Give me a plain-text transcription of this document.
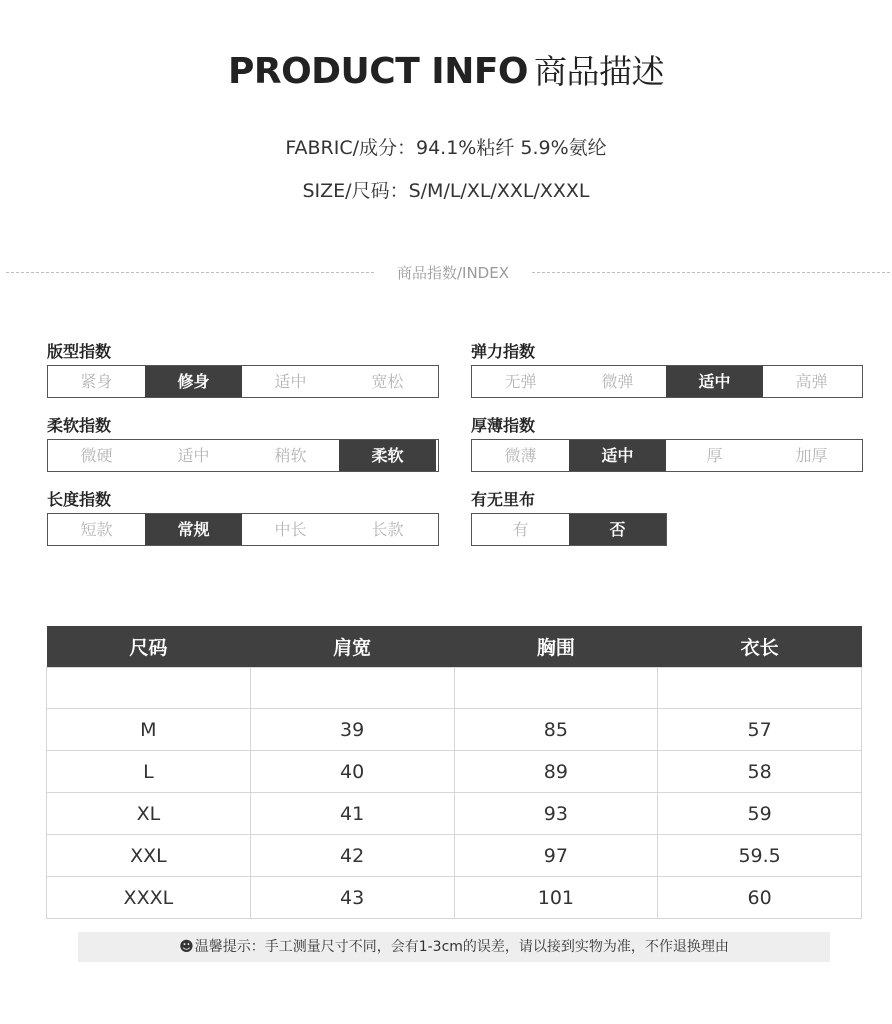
PRODUCT INFO 商品描述
FABRIC/成分：94.1%粘纤 5.9%氨纶
SIZE/尺码：S/M/L/XL/XXL/XXXL
商品指数/INDEX
版型指数
紧身	修身	适中	宽松
弹力指数
无弹	微弹	适中	高弹
柔软指数
微硬	适中	稍软	柔软
厚薄指数
微薄	适中	厚	加厚
长度指数
短款	常规	中长	长款
有无里布
有	否
尺码	肩宽	胸围	衣长

M	39	85	57
L	40	89	58
XL	41	93	59
XXL	42	97	59.5
XXXL	43	101	60
☻温馨提示：手工测量尺寸不同，会有1-3cm的误差，请以接到实物为准，不作退换理由
